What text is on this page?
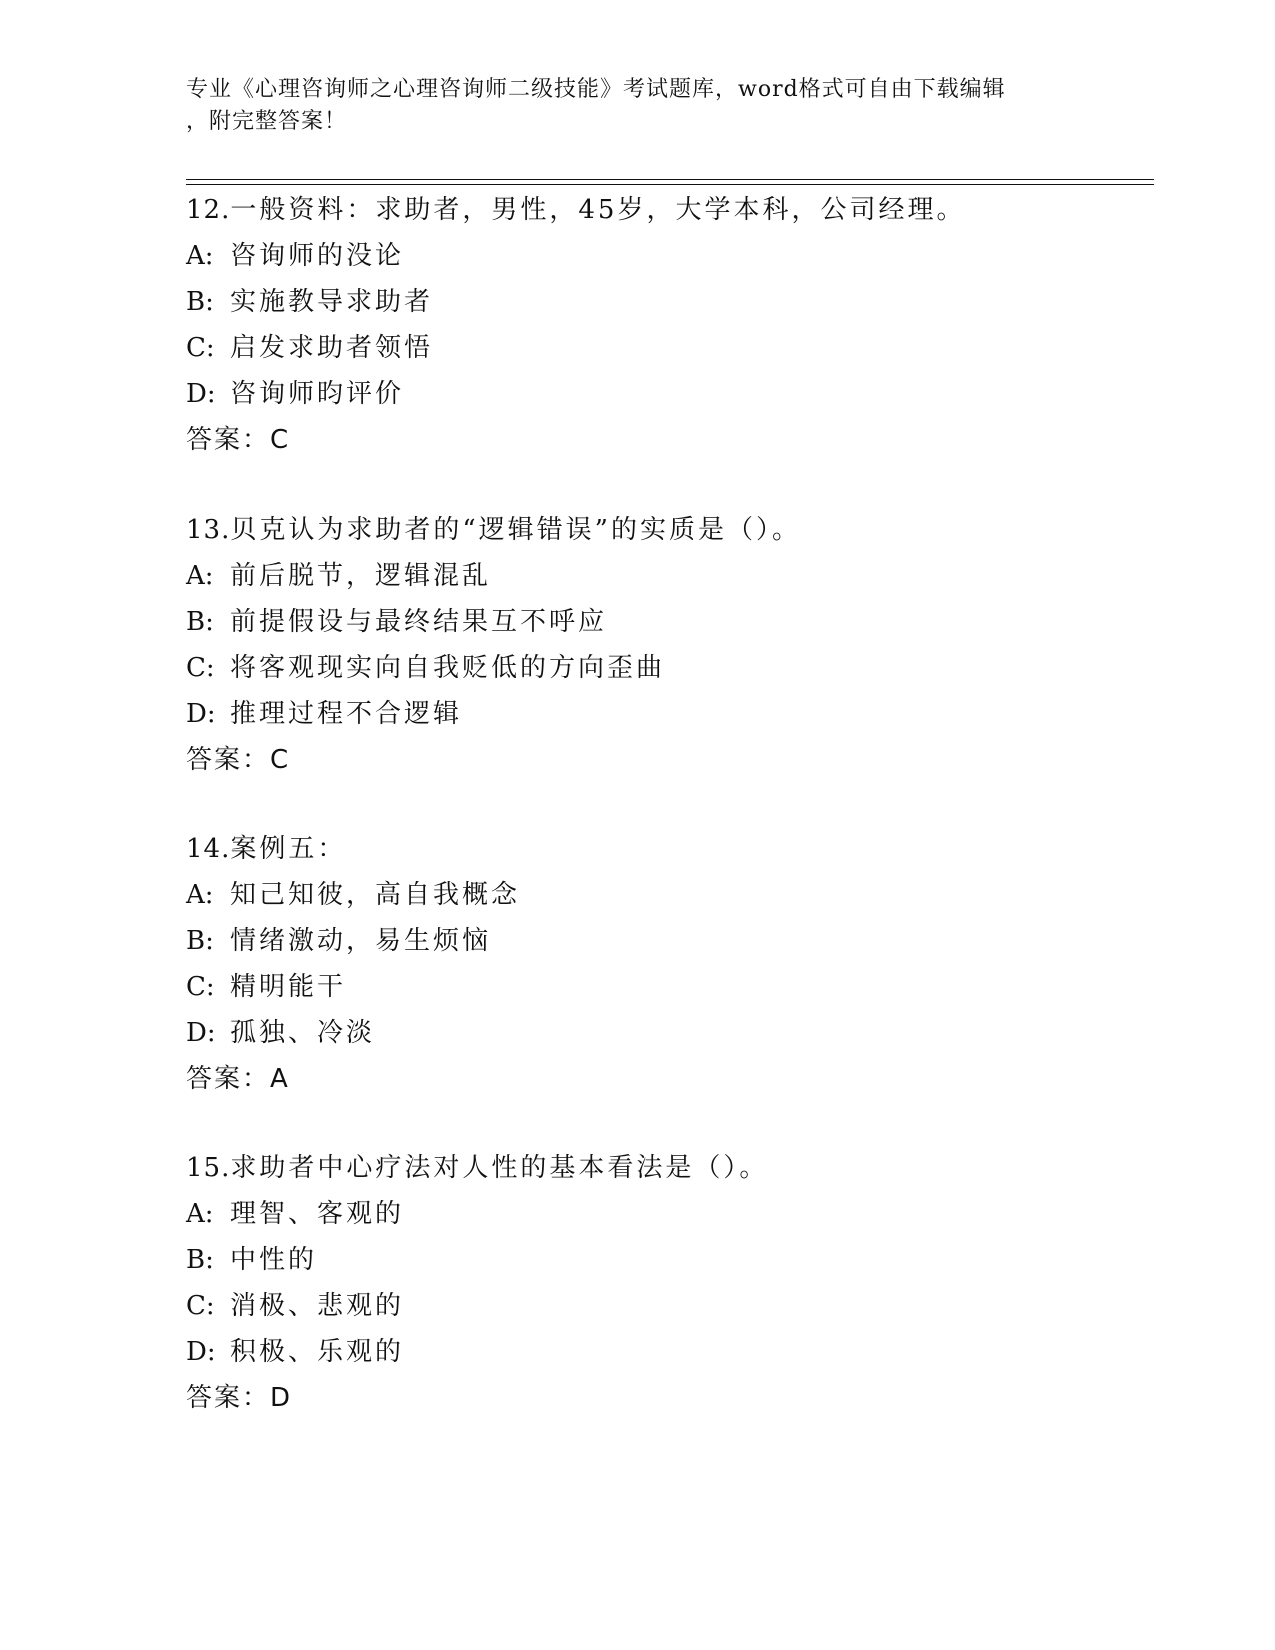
专业《心理咨询师之心理咨询师二级技能》考试题库，word格式可自由下载编辑
，附完整答案！
12.一般资料：求助者，男性，45岁，大学本科，公司经理。
A: 咨询师的没论
B: 实施教导求助者
C: 启发求助者领悟
D: 咨询师昀评价
答案：C
13.贝克认为求助者的“逻辑错误”的实质是（）。
A: 前后脱节，逻辑混乱
B: 前提假设与最终结果互不呼应
C: 将客观现实向自我贬低的方向歪曲
D: 推理过程不合逻辑
答案：C
14.案例五：
A: 知己知彼，高自我概念
B: 情绪激动，易生烦恼
C: 精明能干
D: 孤独、冷淡
答案：A
15.求助者中心疗法对人性的基本看法是（）。
A: 理智、客观的
B: 中性的
C: 消极、悲观的
D: 积极、乐观的
答案：D
